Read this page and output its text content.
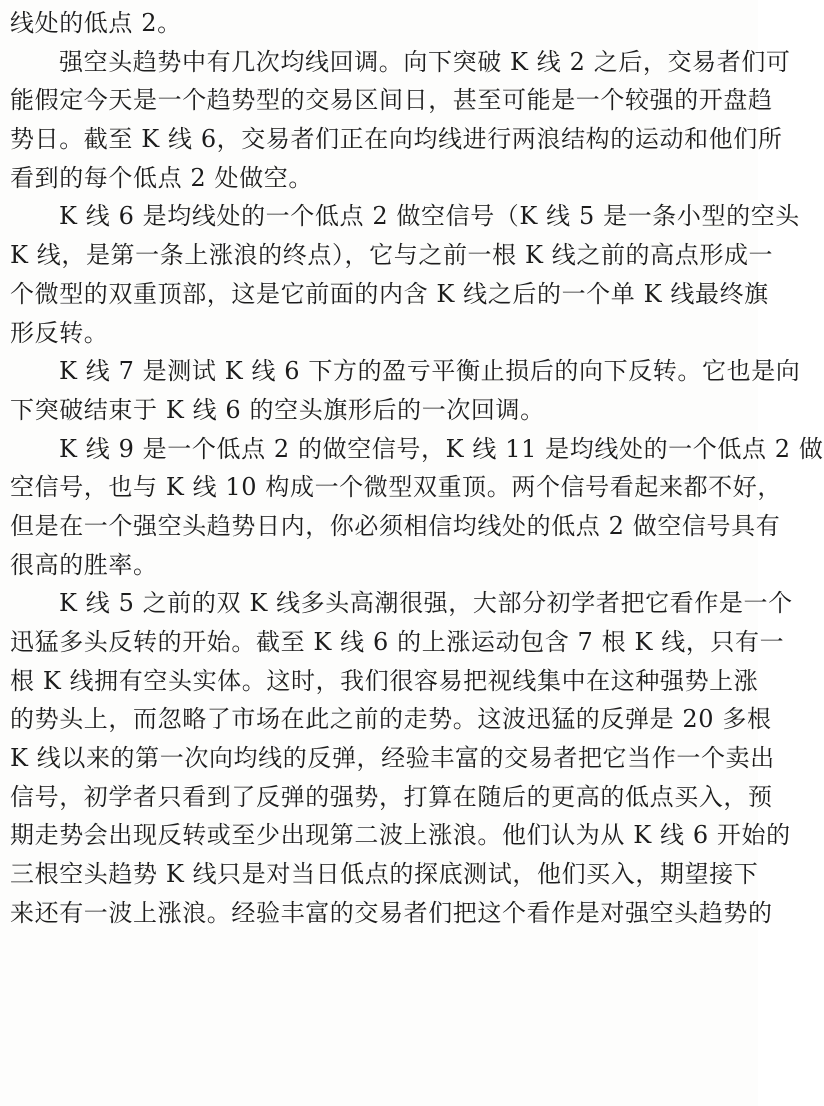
线处的低点 2。
强空头趋势中有几次均线回调。向下突破 K 线 2 之后，交易者们可
能假定今天是一个趋势型的交易区间日，甚至可能是一个较强的开盘趋
势日。截至 K 线 6，交易者们正在向均线进行两浪结构的运动和他们所
看到的每个低点 2 处做空。
K 线 6 是均线处的一个低点 2 做空信号（K 线 5 是一条小型的空头
K 线，是第一条上涨浪的终点），它与之前一根 K 线之前的高点形成一
个微型的双重顶部，这是它前面的内含 K 线之后的一个单 K 线最终旗
形反转。
K 线 7 是测试 K 线 6 下方的盈亏平衡止损后的向下反转。它也是向
下突破结束于 K 线 6 的空头旗形后的一次回调。
K 线 9 是一个低点 2 的做空信号，K 线 11 是均线处的一个低点 2 做
空信号，也与 K 线 10 构成一个微型双重顶。两个信号看起来都不好，
但是在一个强空头趋势日内，你必须相信均线处的低点 2 做空信号具有
很高的胜率。
K 线 5 之前的双 K 线多头高潮很强，大部分初学者把它看作是一个
迅猛多头反转的开始。截至 K 线 6 的上涨运动包含 7 根 K 线，只有一
根 K 线拥有空头实体。这时，我们很容易把视线集中在这种强势上涨
的势头上，而忽略了市场在此之前的走势。这波迅猛的反弹是 20 多根
K 线以来的第一次向均线的反弹，经验丰富的交易者把它当作一个卖出
信号，初学者只看到了反弹的强势，打算在随后的更高的低点买入，预
期走势会出现反转或至少出现第二波上涨浪。他们认为从 K 线 6 开始的
三根空头趋势 K 线只是对当日低点的探底测试，他们买入，期望接下
来还有一波上涨浪。经验丰富的交易者们把这个看作是对强空头趋势的
